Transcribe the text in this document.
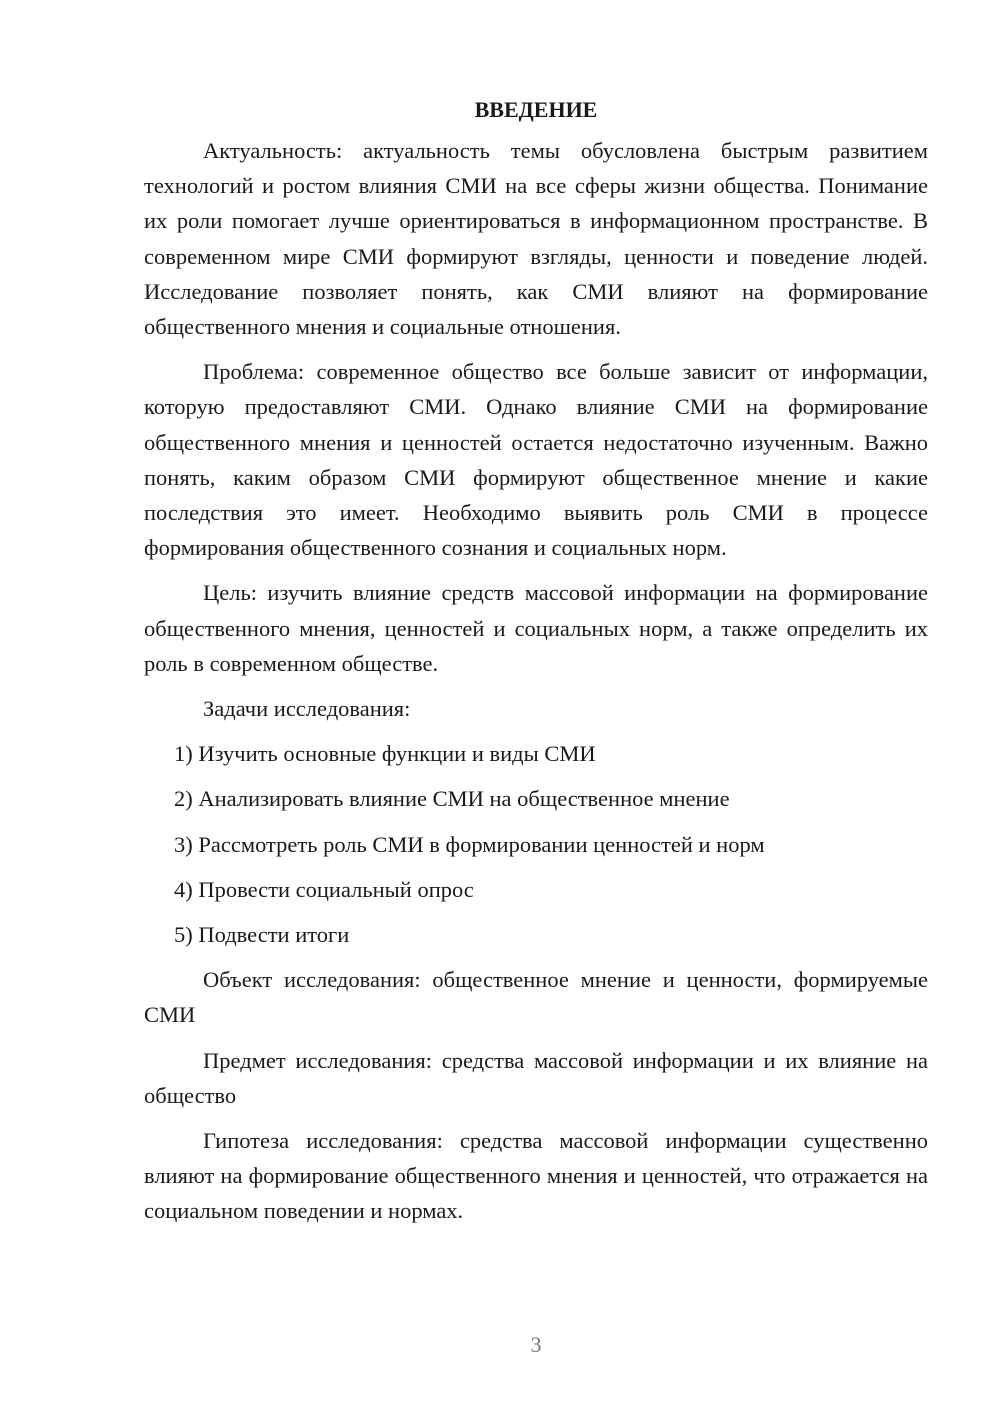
ВВЕДЕНИЕ
Актуальность: актуальность темы обусловлена быстрым развитием технологий и ростом влияния СМИ на все сферы жизни общества. Понимание их роли помогает лучше ориентироваться в информационном пространстве. В современном мире СМИ формируют взгляды, ценности и поведение людей. Исследование позволяет понять, как СМИ влияют на формирование общественного мнения и социальные отношения.
Проблема: современное общество все больше зависит от информации, которую предоставляют СМИ. Однако влияние СМИ на формирование общественного мнения и ценностей остается недостаточно изученным. Важно понять, каким образом СМИ формируют общественное мнение и какие последствия это имеет. Необходимо выявить роль СМИ в процессе формирования общественного сознания и социальных норм.
Цель: изучить влияние средств массовой информации на формирование общественного мнения, ценностей и социальных норм, а также определить их роль в современном обществе.
Задачи исследования:
1) Изучить основные функции и виды СМИ
2) Анализировать влияние СМИ на общественное мнение
3) Рассмотреть роль СМИ в формировании ценностей и норм
4) Провести социальный опрос
5) Подвести итоги
Объект исследования: общественное мнение и ценности, формируемые СМИ
Предмет исследования: средства массовой информации и их влияние на общество
Гипотеза исследования: средства массовой информации существенно влияют на формирование общественного мнения и ценностей, что отражается на социальном поведении и нормах.
3
